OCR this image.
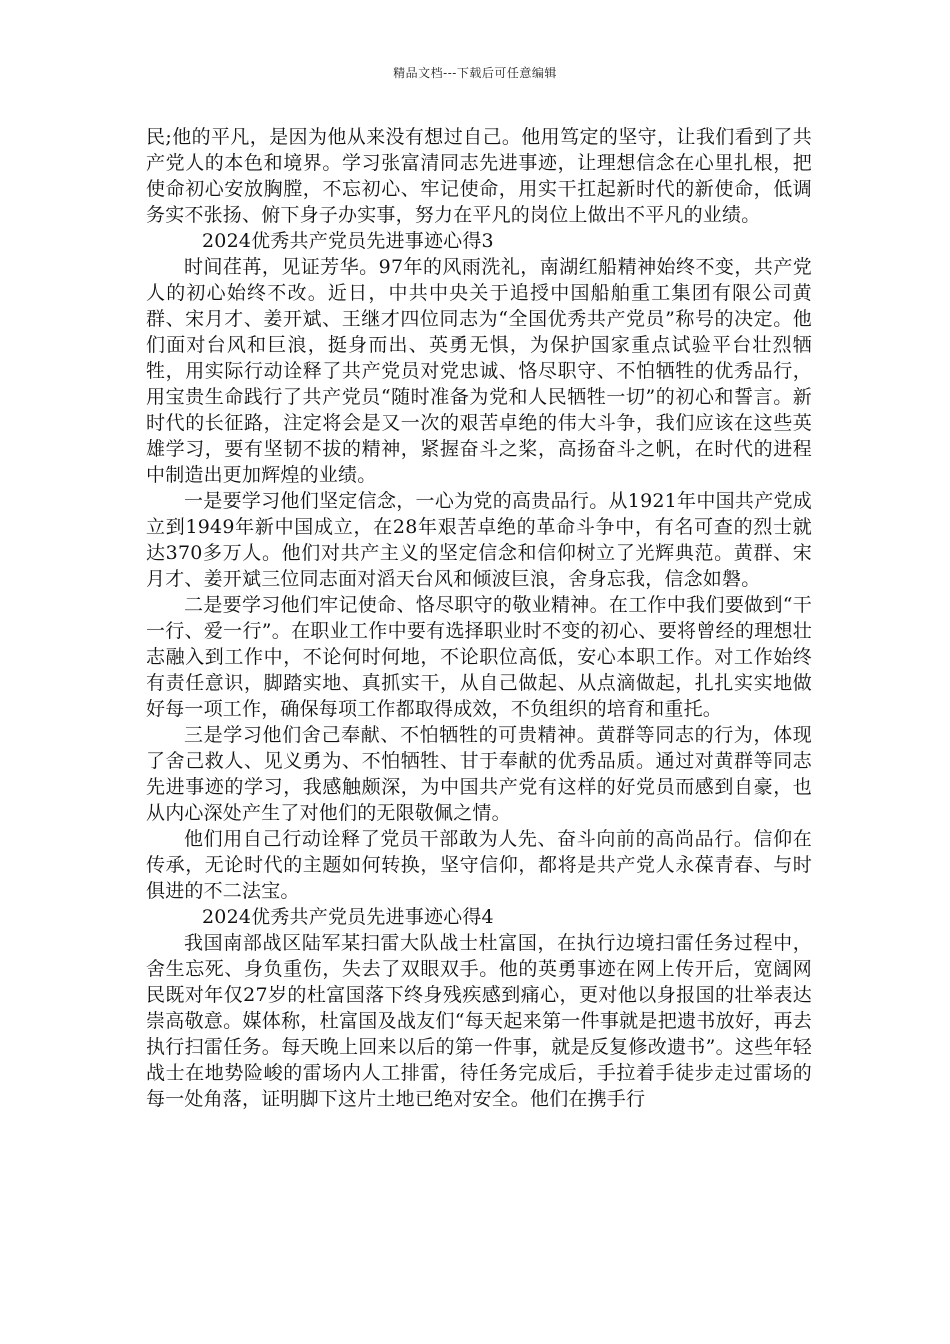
精品文档---下载后可任意编辑

民;他的平凡，是因为他从来没有想过自己。他用笃定的坚守，让我们看到了共产党人的本色和境界。学习张富清同志先进事迹，让理想信念在心里扎根，把使命初心安放胸膛，不忘初心、牢记使命，用实干扛起新时代的新使命，低调务实不张扬、俯下身子办实事，努力在平凡的岗位上做出不平凡的业绩。

2024优秀共产党员先进事迹心得3

时间荏苒，见证芳华。97年的风雨洗礼，南湖红船精神始终不变，共产党人的初心始终不改。近日，中共中央关于追授中国船舶重工集团有限公司黄群、宋月才、姜开斌、王继才四位同志为“全国优秀共产党员”称号的决定。他们面对台风和巨浪，挺身而出、英勇无惧，为保护国家重点试验平台壮烈牺牲，用实际行动诠释了共产党员对党忠诚、恪尽职守、不怕牺牲的优秀品行，用宝贵生命践行了共产党员“随时准备为党和人民牺牲一切”的初心和誓言。新时代的长征路，注定将会是又一次的艰苦卓绝的伟大斗争，我们应该在这些英雄学习，要有坚韧不拔的精神，紧握奋斗之桨，高扬奋斗之帆，在时代的进程中制造出更加辉煌的业绩。

一是要学习他们坚定信念，一心为党的高贵品行。从1921年中国共产党成立到1949年新中国成立，在28年艰苦卓绝的革命斗争中，有名可查的烈士就达370多万人。他们对共产主义的坚定信念和信仰树立了光辉典范。黄群、宋月才、姜开斌三位同志面对滔天台风和倾波巨浪，舍身忘我，信念如磐。

二是要学习他们牢记使命、恪尽职守的敬业精神。在工作中我们要做到“干一行、爱一行”。在职业工作中要有选择职业时不变的初心、要将曾经的理想壮志融入到工作中，不论何时何地，不论职位高低，安心本职工作。对工作始终有责任意识，脚踏实地、真抓实干，从自己做起、从点滴做起，扎扎实实地做好每一项工作，确保每项工作都取得成效，不负组织的培育和重托。

三是学习他们舍己奉献、不怕牺牲的可贵精神。黄群等同志的行为，体现了舍己救人、见义勇为、不怕牺牲、甘于奉献的优秀品质。通过对黄群等同志先进事迹的学习，我感触颇深，为中国共产党有这样的好党员而感到自豪，也从内心深处产生了对他们的无限敬佩之情。

他们用自己行动诠释了党员干部敢为人先、奋斗向前的高尚品行。信仰在传承，无论时代的主题如何转换，坚守信仰，都将是共产党人永葆青春、与时俱进的不二法宝。

2024优秀共产党员先进事迹心得4

我国南部战区陆军某扫雷大队战士杜富国，在执行边境扫雷任务过程中，舍生忘死、身负重伤，失去了双眼双手。他的英勇事迹在网上传开后，宽阔网民既对年仅27岁的杜富国落下终身残疾感到痛心，更对他以身报国的壮举表达崇高敬意。媒体称，杜富国及战友们“每天起来第一件事就是把遗书放好，再去执行扫雷任务。每天晚上回来以后的第一件事，就是反复修改遗书”。这些年轻战士在地势险峻的雷场内人工排雷，待任务完成后，手拉着手徒步走过雷场的每一处角落，证明脚下这片土地已绝对安全。他们在携手行
